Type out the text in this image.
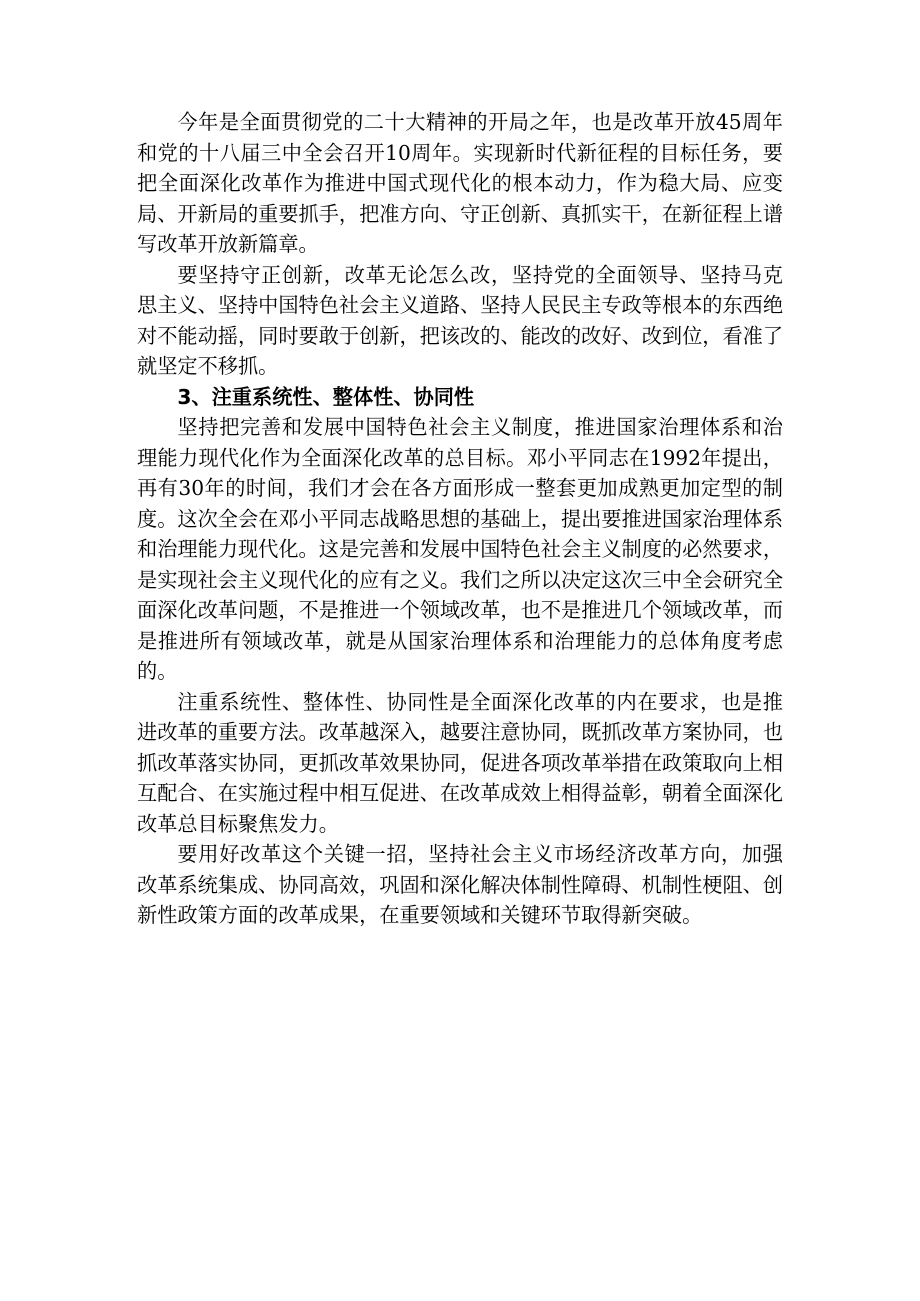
今年是全面贯彻党的二十大精神的开局之年，也是改革开放45周年和党的十八届三中全会召开10周年。实现新时代新征程的目标任务，要把全面深化改革作为推进中国式现代化的根本动力，作为稳大局、应变局、开新局的重要抓手，把准方向、守正创新、真抓实干，在新征程上谱写改革开放新篇章。

要坚持守正创新，改革无论怎么改，坚持党的全面领导、坚持马克思主义、坚持中国特色社会主义道路、坚持人民民主专政等根本的东西绝对不能动摇，同时要敢于创新，把该改的、能改的改好、改到位，看准了就坚定不移抓。

3、注重系统性、整体性、协同性

坚持把完善和发展中国特色社会主义制度，推进国家治理体系和治理能力现代化作为全面深化改革的总目标。邓小平同志在1992年提出，再有30年的时间，我们才会在各方面形成一整套更加成熟更加定型的制度。这次全会在邓小平同志战略思想的基础上，提出要推进国家治理体系和治理能力现代化。这是完善和发展中国特色社会主义制度的必然要求，是实现社会主义现代化的应有之义。我们之所以决定这次三中全会研究全面深化改革问题，不是推进一个领域改革，也不是推进几个领域改革，而是推进所有领域改革，就是从国家治理体系和治理能力的总体角度考虑的。

注重系统性、整体性、协同性是全面深化改革的内在要求，也是推进改革的重要方法。改革越深入，越要注意协同，既抓改革方案协同，也抓改革落实协同，更抓改革效果协同，促进各项改革举措在政策取向上相互配合、在实施过程中相互促进、在改革成效上相得益彰，朝着全面深化改革总目标聚焦发力。

要用好改革这个关键一招，坚持社会主义市场经济改革方向，加强改革系统集成、协同高效，巩固和深化解决体制性障碍、机制性梗阻、创新性政策方面的改革成果，在重要领域和关键环节取得新突破。
